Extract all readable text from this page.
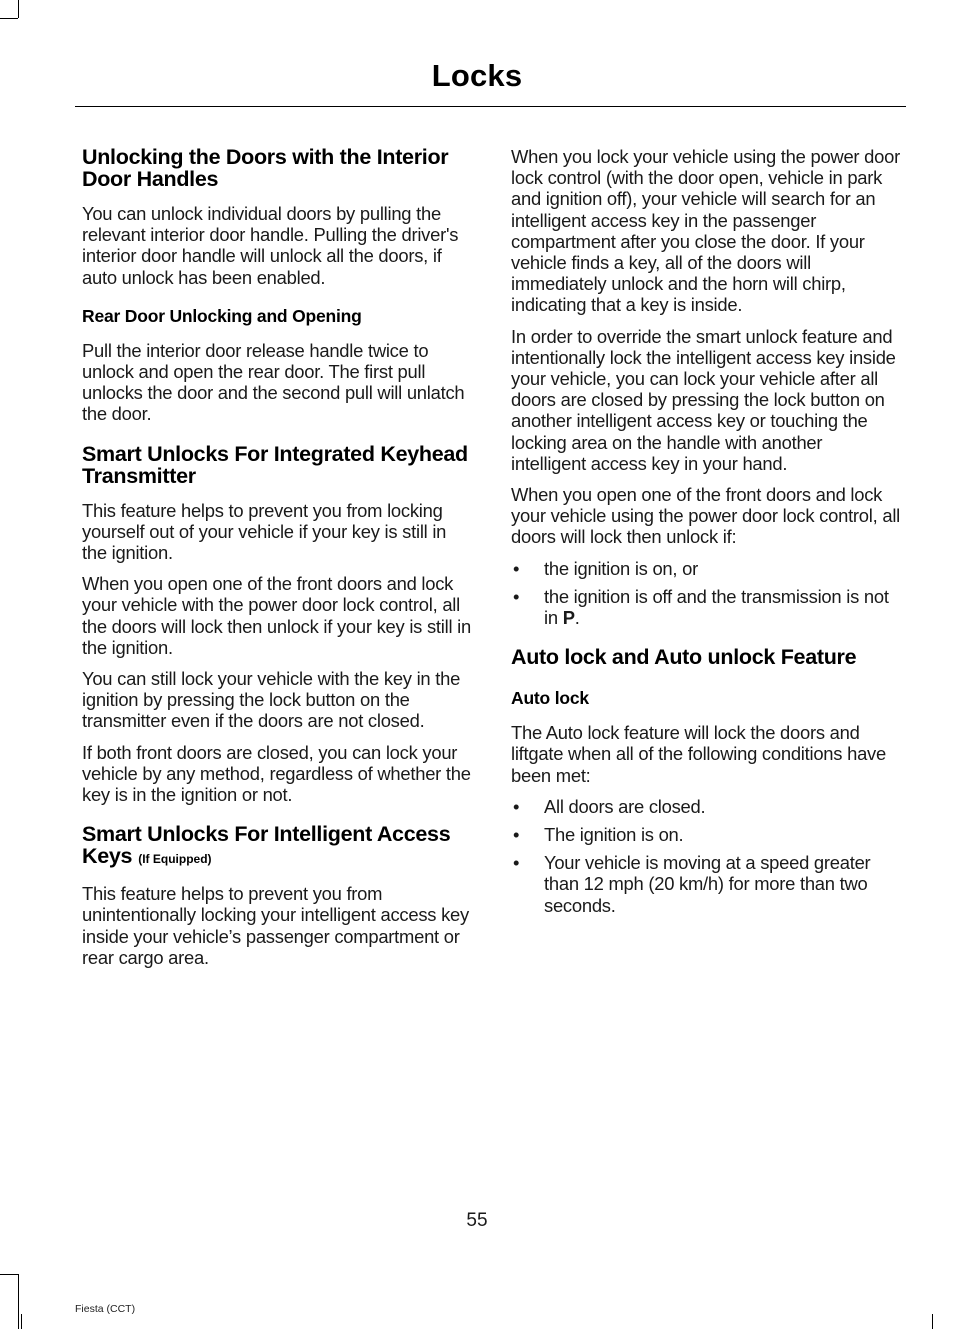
Locks
Unlocking the Doors with the Interior Door Handles

You can unlock individual doors by pulling the relevant interior door handle. Pulling the driver's interior door handle will unlock all the doors, if auto unlock has been enabled.

Rear Door Unlocking and Opening

Pull the interior door release handle twice to unlock and open the rear door. The first pull unlocks the door and the second pull will unlatch the door.

Smart Unlocks For Integrated Keyhead Transmitter

This feature helps to prevent you from locking yourself out of your vehicle if your key is still in the ignition.

When you open one of the front doors and lock your vehicle with the power door lock control, all the doors will lock then unlock if your key is still in the ignition.

You can still lock your vehicle with the key in the ignition by pressing the lock button on the transmitter even if the doors are not closed.

If both front doors are closed, you can lock your vehicle by any method, regardless of whether the key is in the ignition or not.

Smart Unlocks For Intelligent Access Keys (If Equipped)

This feature helps to prevent you from unintentionally locking your intelligent access key inside your vehicle’s passenger compartment or rear cargo area.

When you lock your vehicle using the power door lock control (with the door open, vehicle in park and ignition off), your vehicle will search for an intelligent access key in the passenger compartment after you close the door. If your vehicle finds a key, all of the doors will immediately unlock and the horn will chirp, indicating that a key is inside.

In order to override the smart unlock feature and intentionally lock the intelligent access key inside your vehicle, you can lock your vehicle after all doors are closed by pressing the lock button on another intelligent access key or touching the locking area on the handle with another intelligent access key in your hand.

When you open one of the front doors and lock your vehicle using the power door lock control, all doors will lock then unlock if:

• the ignition is on, or
• the ignition is off and the transmission is not in P.
Auto lock and Auto unlock Feature
Auto lock

The Auto lock feature will lock the doors and liftgate when all of the following conditions have been met:

• All doors are closed.
• The ignition is on.
• Your vehicle is moving at a speed greater than 12 mph (20 km/h) for more than two seconds.
55
Fiesta (CCT)
